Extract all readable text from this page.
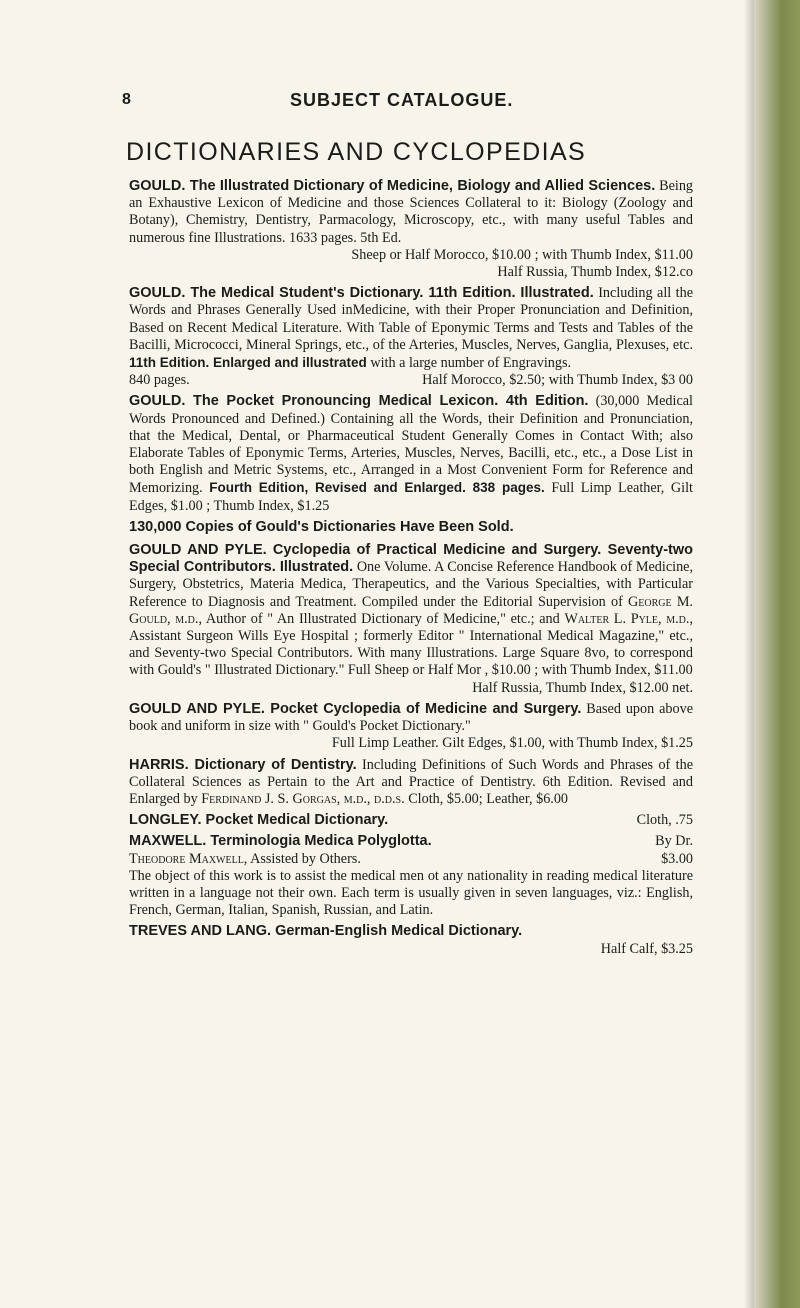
8	SUBJECT CATALOGUE.
DICTIONARIES AND CYCLOPEDIAS
GOULD. The Illustrated Dictionary of Medicine, Biology and Allied Sciences. Being an Exhaustive Lexicon of Medicine and those Sciences Collateral to it: Biology (Zoology and Botany), Chemistry, Dentistry, Parmacology, Microscopy, etc., with many useful Tables and numerous fine Illustrations. 1633 pages. 5th Ed.
Sheep or Half Morocco, $10.00 ; with Thumb Index, $11.00
Half Russia, Thumb Index, $12.co
GOULD. The Medical Student's Dictionary. 11th Edition. Illustrated. Including all the Words and Phrases Generally Used inMedicine, with their Proper Pronunciation and Definition, Based on Recent Medical Literature. With Table of Eponymic Terms and Tests and Tables of the Bacilli, Micrococci, Mineral Springs, etc., of the Arteries, Muscles, Nerves, Ganglia, Plexuses, etc. 11th Edition. Enlarged and illustrated with a large number of Engravings.
840 pages.	Half Morocco, $2.50; with Thumb Index, $3 00
GOULD. The Pocket Pronouncing Medical Lexicon. 4th Edition. (30,000 Medical Words Pronounced and Defined.) Containing all the Words, their Definition and Pronunciation, that the Medical, Dental, or Pharmaceutical Student Generally Comes in Contact With; also Elaborate Tables of Eponymic Terms, Arteries, Muscles, Nerves, Bacilli, etc., etc., a Dose List in both English and Metric Systems, etc., Arranged in a Most Convenient Form for Reference and Memorizing. Fourth Edition, Revised and Enlarged. 838 pages. Full Limp Leather, Gilt Edges, $1.00 ; Thumb Index, $1.25
130,000 Copies of Gould's Dictionaries Have Been Sold.
GOULD AND PYLE. Cyclopedia of Practical Medicine and Surgery. Seventy-two Special Contributors. Illustrated. One Volume. A Concise Reference Handbook of Medicine, Surgery, Obstetrics, Materia Medica, Therapeutics, and the Various Specialties, with Particular Reference to Diagnosis and Treatment. Compiled under the Editorial Supervision of George M. Gould, m.d., Author of " An Illustrated Dictionary of Medicine," etc.; and Walter L. Pyle, m.d., Assistant Surgeon Wills Eye Hospital ; formerly Editor " International Medical Magazine," etc., and Seventy-two Special Contributors. With many Illustrations. Large Square 8vo, to correspond with Gould's " Illustrated Dictionary." Full Sheep or Half Mor , $10.00 ; with Thumb Index, $11.00
Half Russia, Thumb Index, $12.00 net.
GOULD AND PYLE. Pocket Cyclopedia of Medicine and Surgery. Based upon above book and uniform in size with " Gould's Pocket Dictionary."
Full Limp Leather. Gilt Edges, $1.00, with Thumb Index, $1.25
HARRIS. Dictionary of Dentistry. Including Definitions of Such Words and Phrases of the Collateral Sciences as Pertain to the Art and Practice of Dentistry. 6th Edition. Revised and Enlarged by Ferdinand J. S. Gorgas, m.d., d.d.s. Cloth, $5.00; Leather, $6.00
LONGLEY. Pocket Medical Dictionary.	Cloth, .75
MAXWELL. Terminologia Medica Polyglotta.	By Dr.
Theodore Maxwell, Assisted by Others.	$3.00
The object of this work is to assist the medical men ot any nationality in reading medical literature written in a language not their own. Each term is usually given in seven languages, viz.: English, French, German, Italian, Spanish, Russian, and Latin.
TREVES AND LANG. German-English Medical Dictionary.
Half Calf, $3.25
